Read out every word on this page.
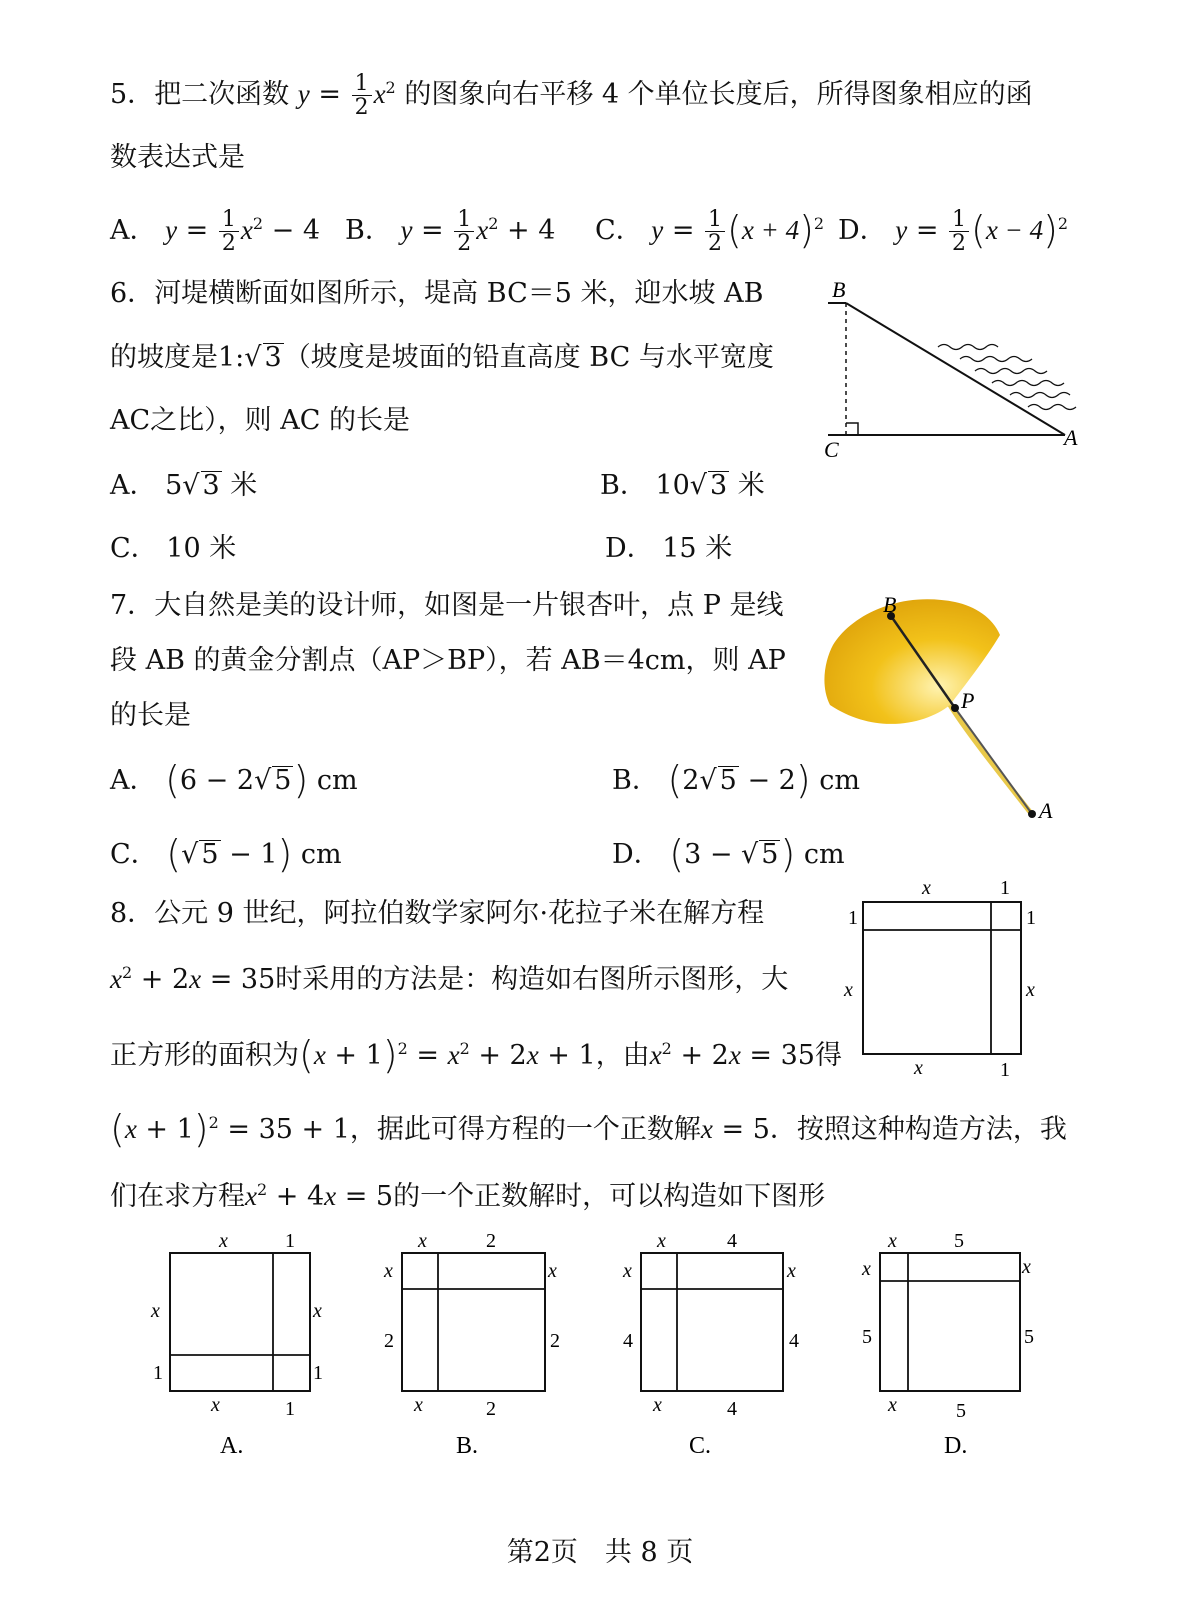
5．把二次函数 $y = \frac{1}{2} x^2$ 的图象向右平移 4 个单位长度后，所得图象相应的函
数表达式是
A． $y = \frac{1}{2} x^2 - 4$ B． $y = \frac{1}{2} x^2 + 4$ C． $y = \frac{1}{2} (x + 4)^2$ D． $y = \frac{1}{2} (x - 4)^2$
6．河堤横断面如图所示，堤高 BC＝5 米，迎水坡 AB
的坡度是1:√ 3（坡度是坡面的铅直高度 BC 与水平宽度
AC之比），则 AC 的长是
A． 5√ 3 米	B． 10√ 3 米
C． 10 米	D． 15 米
B
C	A
7．大自然是美的设计师，如图是一片银杏叶，点 P 是线
段 AB 的黄金分割点（AP＞BP），若 AB＝4cm，则 AP
的长是
A． (6 − 2√ 5) cm	B． (2√ 5 − 2) cm
C． (√ 5 − 1) cm	D． (3 − √ 5) cm
B
P
A
8．公元 9 世纪，阿拉伯数学家阿尔·花拉子米在解方程
$x^2 + 2x = 35$时采用的方法是：构造如右图所示图形，大
正方形的面积为$(x + 1)^2 = x^2 + 2x + 1$，由$x^2 + 2x = 35$得
$(x + 1)^2 = 35 + 1$，据此可得方程的一个正数解x = 5．按照这种构造方法，我
们在求方程$x^2 + 4x = 5$的一个正数解时，可以构造如下图形
x	1
1	1
x	x
x	1
x	1
x	x
1	1
x	1
A.
x	2
x	x
2	2
x	2
B.
x	4
x	x
4	4
x	4
C.
x	5
x	x
5	5
x	5
D.
第2页　共 8 页
